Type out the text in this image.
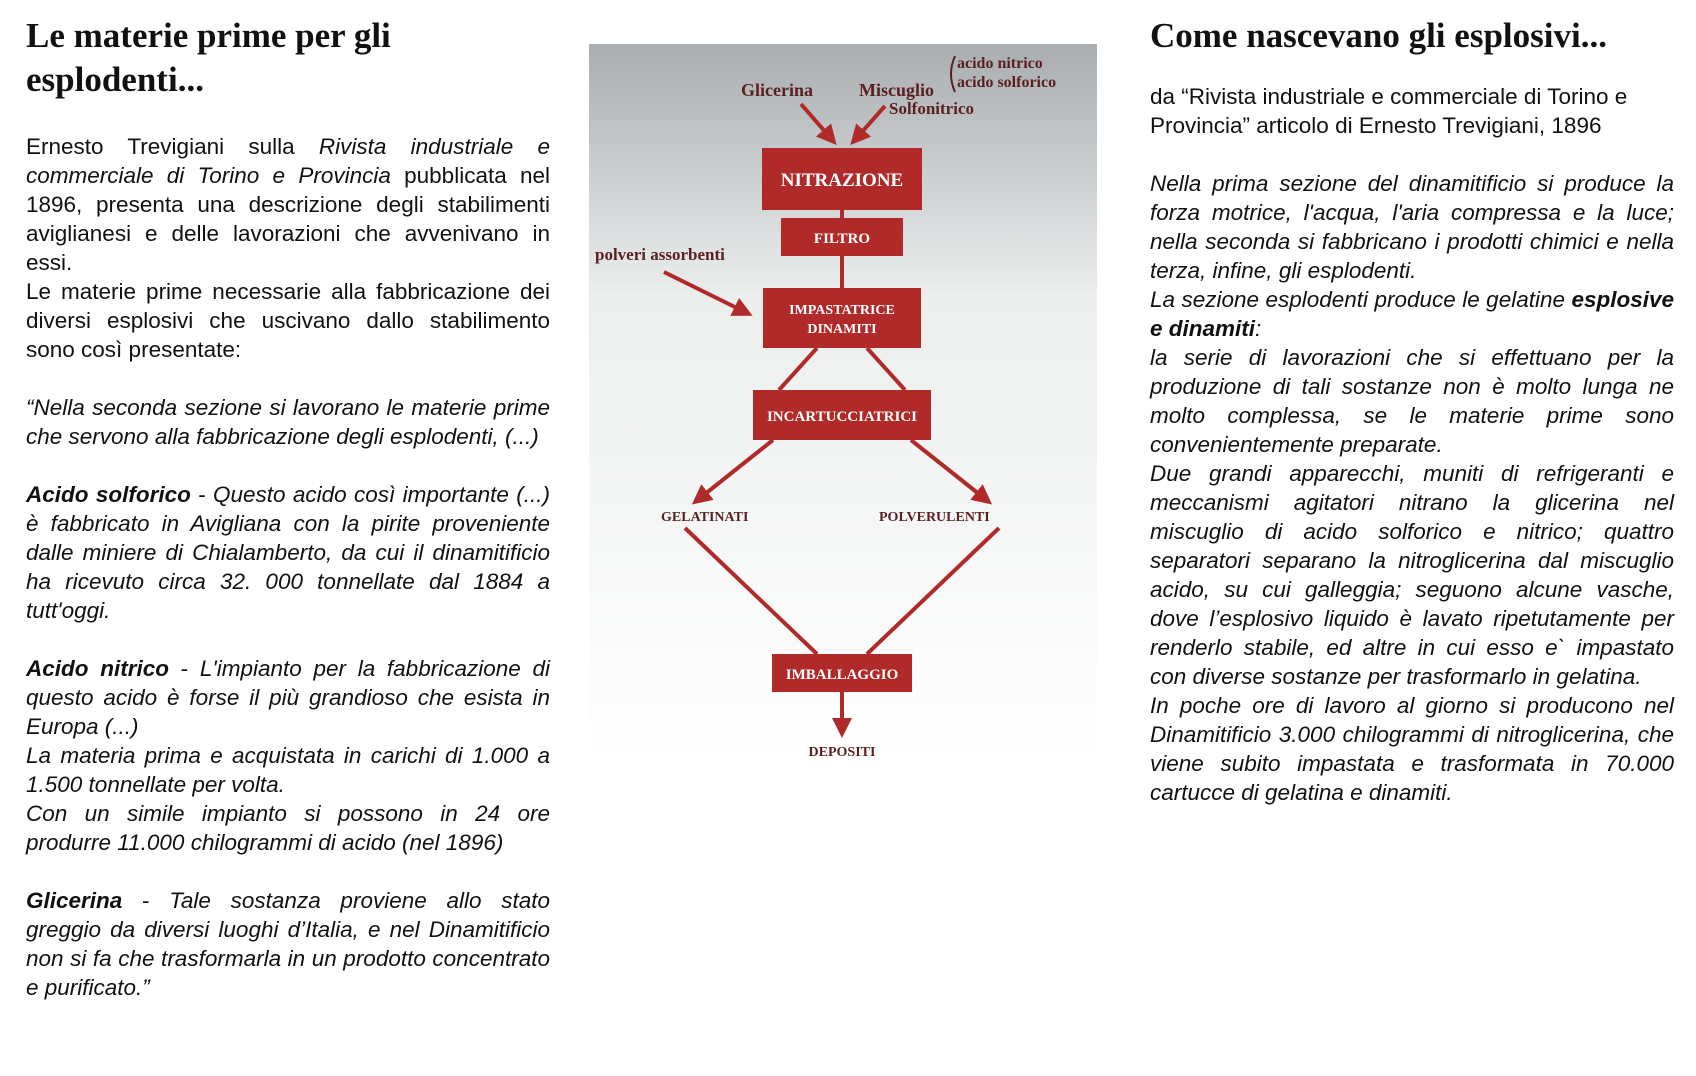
Le materie prime per gli esplodenti...

Ernesto Trevigiani sulla Rivista industriale e commerciale di Torino e Provincia pubblicata nel 1896, presenta una descrizione degli stabilimenti aviglianesi e delle lavorazioni che avvenivano in essi.

Le materie prime necessarie alla fabbricazione dei diversi esplosivi che uscivano dallo stabilimento sono così presentate:

“Nella seconda sezione si lavorano le materie prime che servono alla fabbricazione degli esplodenti, (...)

Acido solforico - Questo acido così importante (...) è fabbricato in Avigliana con la pirite proveniente dalle miniere di Chialamberto, da cui il dinamitificio ha ricevuto circa 32. 000 tonnellate dal 1884 a tutt'oggi.

Acido nitrico - L'impianto per la fabbricazione di questo acido è forse il più grandioso che esista in Europa (...)

La materia prima e acquistata in carichi di 1.000 a 1.500 tonnellate per volta.

Con un simile impianto si possono in 24 ore produrre 11.000 chilogrammi di acido (nel 1896)

Glicerina - Tale sostanza proviene allo stato greggio da diversi luoghi d’Italia, e nel Dinamitificio non si fa che trasformarla in un prodotto concentrato e purificato.”

Glicerina	Miscuglio
acido nitrico
acido solforico
Solfonitrico
NITRAZIONE
FILTRO
polveri assorbenti
IMPASTATRICE
DINAMITI
INCARTUCCIATRICI
GELATINATI	POLVERULENTI
IMBALLAGGIO
DEPOSITI
Come nascevano gli esplosivi...

da “Rivista industriale e commerciale di Torino e Provincia” articolo di Ernesto Trevigiani, 1896

Nella prima sezione del dinamitificio si produce la forza motrice, l'acqua, l'aria compressa e la luce; nella seconda si fabbricano i prodotti chimici e nella terza, infine, gli esplodenti.

La sezione esplodenti produce le gelatine esplosive e dinamiti:

la serie di lavorazioni che si effettuano per la produzione di tali sostanze non è molto lunga ne molto complessa, se le materie prime sono convenientemente preparate.

Due grandi apparecchi, muniti di refrigeranti e meccanismi agitatori nitrano la glicerina nel miscuglio di acido solforico e nitrico; quattro separatori separano la nitroglicerina dal miscuglio acido, su cui galleggia; seguono alcune vasche, dove l’esplosivo liquido è lavato ripetutamente per renderlo stabile, ed altre in cui esso e` impastato con diverse sostanze per trasformarlo in gelatina.

In poche ore di lavoro al giorno si producono nel Dinamitificio 3.000 chilogrammi di nitroglicerina, che viene subito impastata e trasformata in 70.000 cartucce di gelatina e dinamiti.
